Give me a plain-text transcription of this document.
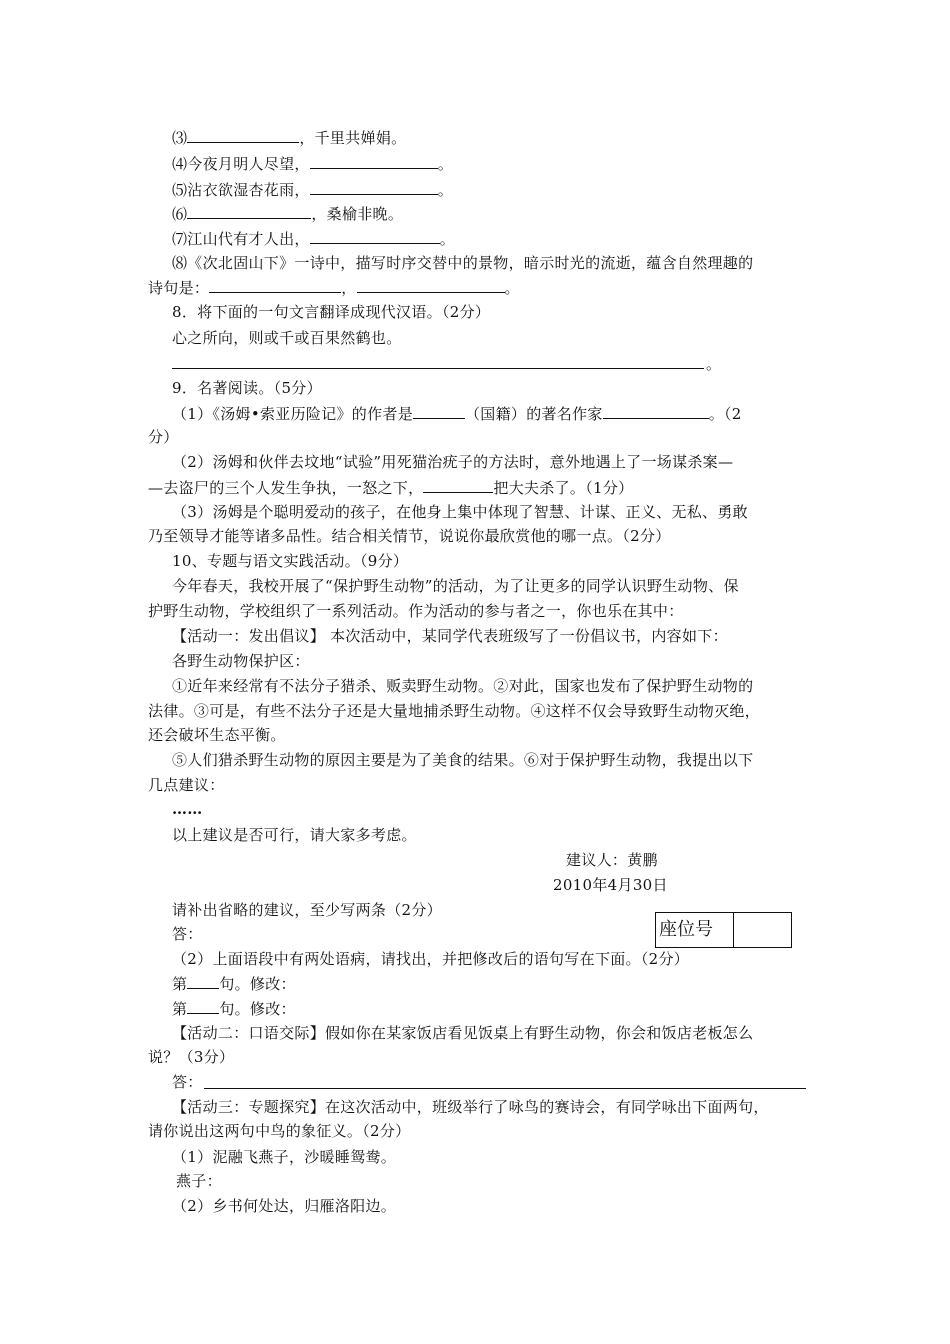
⑶	，千里共婵娟。
⑷今夜月明人尽望，	。
⑸沾衣欲湿杏花雨，	。
⑹	，桑榆非晚。
⑺江山代有才人出，	。
⑻《次北固山下》一诗中，描写时序交替中的景物，暗示时光的流逝，蕴含自然理趣的
诗句是：	，	。
8．将下面的一句文言翻译成现代汉语。（2分）
心之所向，则或千或百果然鹤也。
。
9．名著阅读。（5分）
（1）《汤姆•索亚历险记》的作者是	（国籍）的著名作家	。（2
分）
（2）汤姆和伙伴去坟地“试验”用死猫治疣子的方法时，意外地遇上了一场谋杀案—
—去盗尸的三个人发生争执，一怒之下，	把大夫杀了。（1分）
（3）汤姆是个聪明爱动的孩子，在他身上集中体现了智慧、计谋、正义、无私、勇敢
乃至领导才能等诸多品性。结合相关情节，说说你最欣赏他的哪一点。（2分）
10、专题与语文实践活动。（9分）
今年春天，我校开展了“保护野生动物”的活动，为了让更多的同学认识野生动物、保
护野生动物，学校组织了一系列活动。作为活动的参与者之一，你也乐在其中：
【活动一：发出倡议】 本次活动中，某同学代表班级写了一份倡议书，内容如下：
各野生动物保护区：
①近年来经常有不法分子猎杀、贩卖野生动物。②对此，国家也发布了保护野生动物的
法律。③可是，有些不法分子还是大量地捕杀野生动物。④这样不仅会导致野生动物灭绝，
还会破坏生态平衡。
⑤人们猎杀野生动物的原因主要是为了美食的结果。⑥对于保护野生动物，我提出以下
几点建议：
……
以上建议是否可行，请大家多考虑。
建议人：黄鹏
2010年4月30日
请补出省略的建议，至少写两条（2分）
答：	座位号
（2）上面语段中有两处语病，请找出，并把修改后的语句写在下面。（2分）
第 句。修改：
第 句。修改：
【活动二：口语交际】假如你在某家饭店看见饭桌上有野生动物，你会和饭店老板怎么
说？（3分）
答：
【活动三：专题探究】在这次活动中，班级举行了咏鸟的赛诗会，有同学咏出下面两句，
请你说出这两句中鸟的象征义。（2分）
（1）泥融飞燕子，沙暖睡鸳鸯。
燕子：
（2）乡书何处达，归雁洛阳边。
